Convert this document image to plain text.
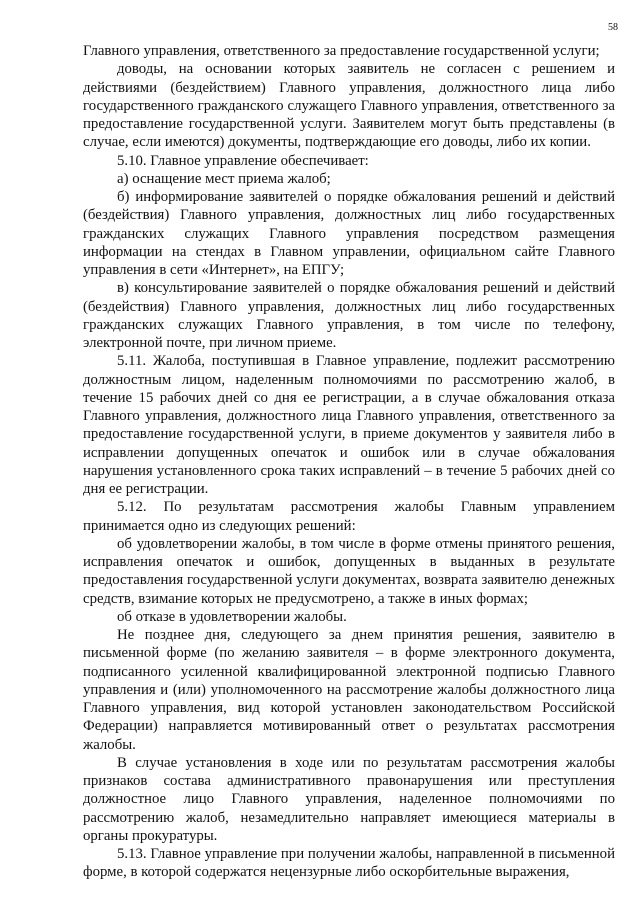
58

Главного управления, ответственного за предоставление государственной услуги;

доводы, на основании которых заявитель не согласен с решением и действиями (бездействием) Главного управления, должностного лица либо государственного гражданского служащего Главного управления, ответственного за предоставление государственной услуги. Заявителем могут быть представлены (в случае, если имеются) документы, подтверждающие его доводы, либо их копии.

5.10. Главное управление обеспечивает:

а) оснащение мест приема жалоб;

б) информирование заявителей о порядке обжалования решений и действий (бездействия) Главного управления, должностных лиц либо государственных гражданских служащих Главного управления посредством размещения информации на стендах в Главном управлении, официальном сайте Главного управления в сети «Интернет», на ЕПГУ;

в) консультирование заявителей о порядке обжалования решений и действий (бездействия) Главного управления, должностных лиц либо государственных гражданских служащих Главного управления, в том числе по телефону, электронной почте, при личном приеме.

5.11. Жалоба, поступившая в Главное управление, подлежит рассмотрению должностным лицом, наделенным полномочиями по рассмотрению жалоб, в течение 15 рабочих дней со дня ее регистрации, а в случае обжалования отказа Главного управления, должностного лица Главного управления, ответственного за предоставление государственной услуги, в приеме документов у заявителя либо в исправлении допущенных опечаток и ошибок или в случае обжалования нарушения установленного срока таких исправлений – в течение 5 рабочих дней со дня ее регистрации.

5.12. По результатам рассмотрения жалобы Главным управлением принимается одно из следующих решений:

об удовлетворении жалобы, в том числе в форме отмены принятого решения, исправления опечаток и ошибок, допущенных в выданных в результате предоставления государственной услуги документах, возврата заявителю денежных средств, взимание которых не предусмотрено, а также в иных формах;

об отказе в удовлетворении жалобы.

Не позднее дня, следующего за днем принятия решения, заявителю в письменной форме (по желанию заявителя – в форме электронного документа, подписанного усиленной квалифицированной электронной подписью Главного управления и (или) уполномоченного на рассмотрение жалобы должностного лица Главного управления, вид которой установлен законодательством Российской Федерации) направляется мотивированный ответ о результатах рассмотрения жалобы.

В случае установления в ходе или по результатам рассмотрения жалобы признаков состава административного правонарушения или преступления должностное лицо Главного управления, наделенное полномочиями по рассмотрению жалоб, незамедлительно направляет имеющиеся материалы в органы прокуратуры.

5.13. Главное управление при получении жалобы, направленной в письменной форме, в которой содержатся нецензурные либо оскорбительные выражения,
